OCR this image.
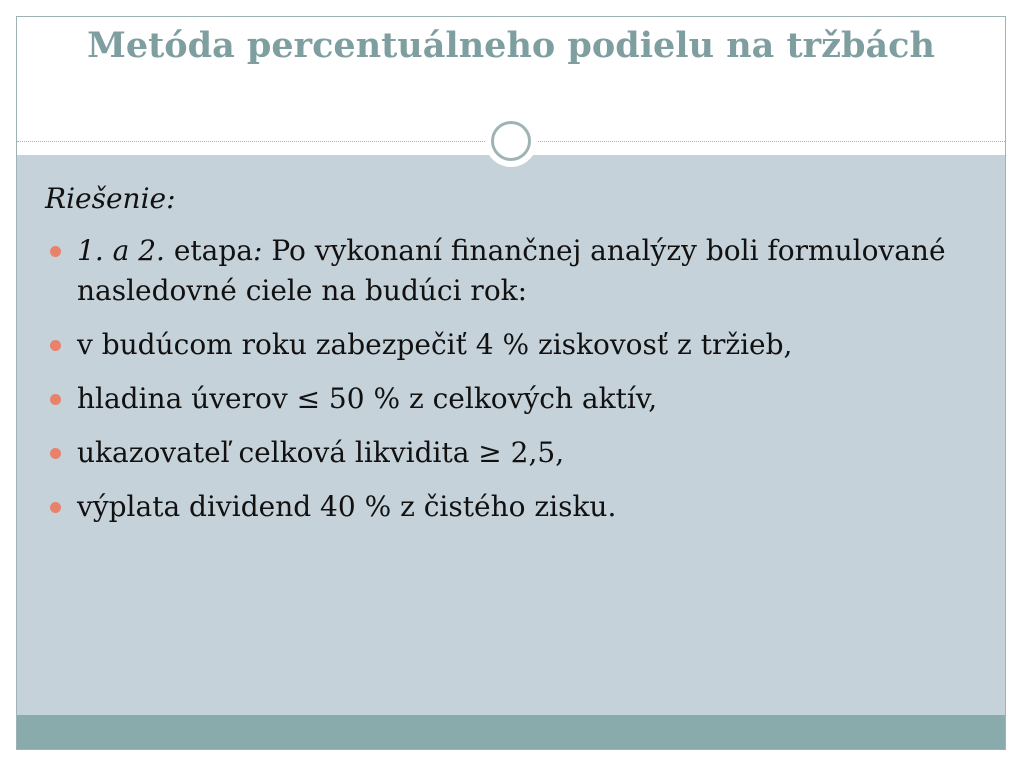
Metóda percentuálneho podielu na tržbách

Riešenie:

1. a 2. etapa: Po vykonaní finančnej analýzy boli formulované nasledovné ciele na budúci rok:
v budúcom roku zabezpečiť 4 % ziskovosť z tržieb,
hladina úverov ≤ 50 % z celkových aktív,
ukazovateľ celková likvidita ≥ 2,5,
výplata dividend 40 % z čistého zisku.
